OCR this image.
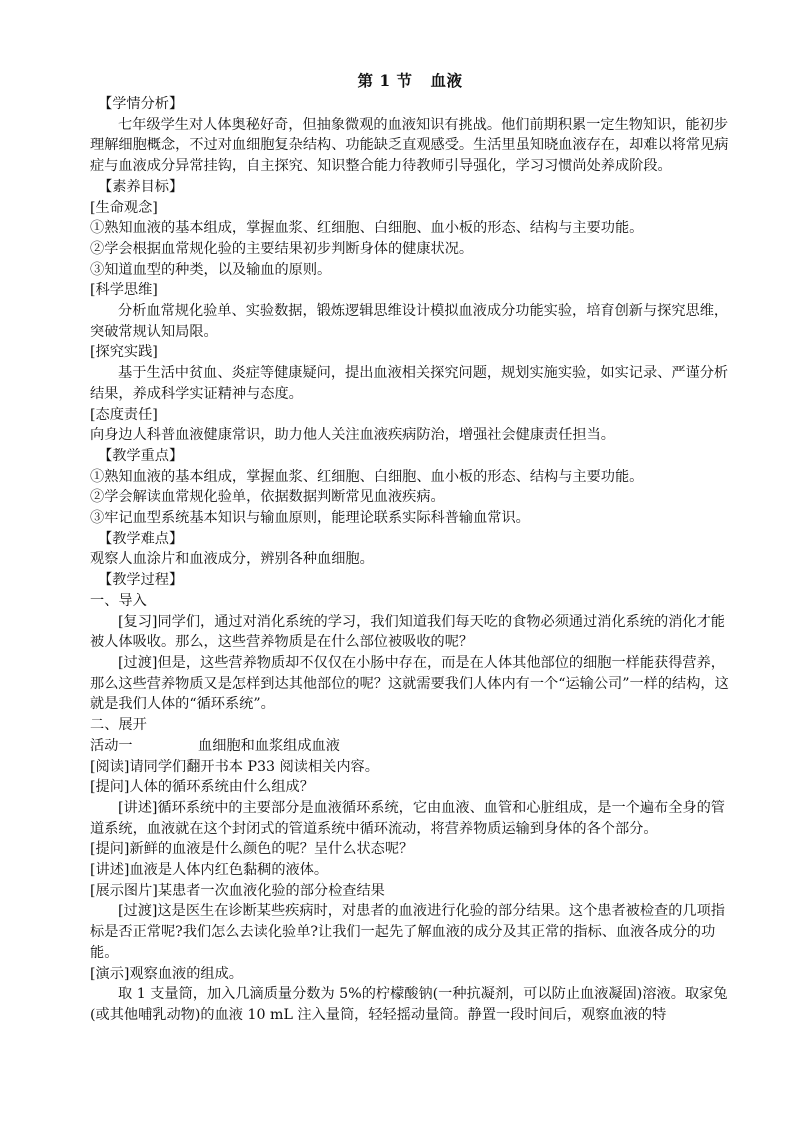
第 1 节 血液

【学情分析】

七年级学生对人体奥秘好奇，但抽象微观的血液知识有挑战。他们前期积累一定生物知识，能初步理解细胞概念，不过对血细胞复杂结构、功能缺乏直观感受。生活里虽知晓血液存在，却难以将常见病症与血液成分异常挂钩，自主探究、知识整合能力待教师引导强化，学习习惯尚处养成阶段。

【素养目标】

[生命观念]

①熟知血液的基本组成，掌握血浆、红细胞、白细胞、血小板的形态、结构与主要功能。

②学会根据血常规化验的主要结果初步判断身体的健康状况。

③知道血型的种类，以及输血的原则。

[科学思维]

分析血常规化验单、实验数据，锻炼逻辑思维设计模拟血液成分功能实验，培育创新与探究思维，突破常规认知局限。

[探究实践]

基于生活中贫血、炎症等健康疑问，提出血液相关探究问题，规划实施实验，如实记录、严谨分析结果，养成科学实证精神与态度。

[态度责任]

向身边人科普血液健康常识，助力他人关注血液疾病防治，增强社会健康责任担当。

【教学重点】

①熟知血液的基本组成，掌握血浆、红细胞、白细胞、血小板的形态、结构与主要功能。

②学会解读血常规化验单，依据数据判断常见血液疾病。

③牢记血型系统基本知识与输血原则，能理论联系实际科普输血常识。

【教学难点】

观察人血涂片和血液成分，辨别各种血细胞。

【教学过程】

一、导入

[复习]同学们，通过对消化系统的学习，我们知道我们每天吃的食物必须通过消化系统的消化才能被人体吸收。那么，这些营养物质是在什么部位被吸收的呢？

[过渡]但是，这些营养物质却不仅仅在小肠中存在，而是在人体其他部位的细胞一样能获得营养，那么这些营养物质又是怎样到达其他部位的呢？这就需要我们人体内有一个“运输公司”一样的结构，这就是我们人体的“循环系统”。

二、展开

活动一	血细胞和血浆组成血液

[阅读]请同学们翻开书本 P33 阅读相关内容。

[提问]人体的循环系统由什么组成？

[讲述]循环系统中的主要部分是血液循环系统，它由血液、血管和心脏组成，是一个遍布全身的管道系统，血液就在这个封闭式的管道系统中循环流动，将营养物质运输到身体的各个部分。

[提问]新鲜的血液是什么颜色的呢？呈什么状态呢？

[讲述]血液是人体内红色黏稠的液体。

[展示图片]某患者一次血液化验的部分检查结果

[过渡]这是医生在诊断某些疾病时，对患者的血液进行化验的部分结果。这个患者被检查的几项指标是否正常呢?我们怎么去读化验单?让我们一起先了解血液的成分及其正常的指标、血液各成分的功能。

[演示]观察血液的组成。

取 1 支量筒，加入几滴质量分数为 5%的柠檬酸钠(一种抗凝剂，可以防止血液凝固)溶液。取家兔(或其他哺乳动物)的血液 10 mL 注入量筒，轻轻摇动量筒。静置一段时间后，观察血液的特
